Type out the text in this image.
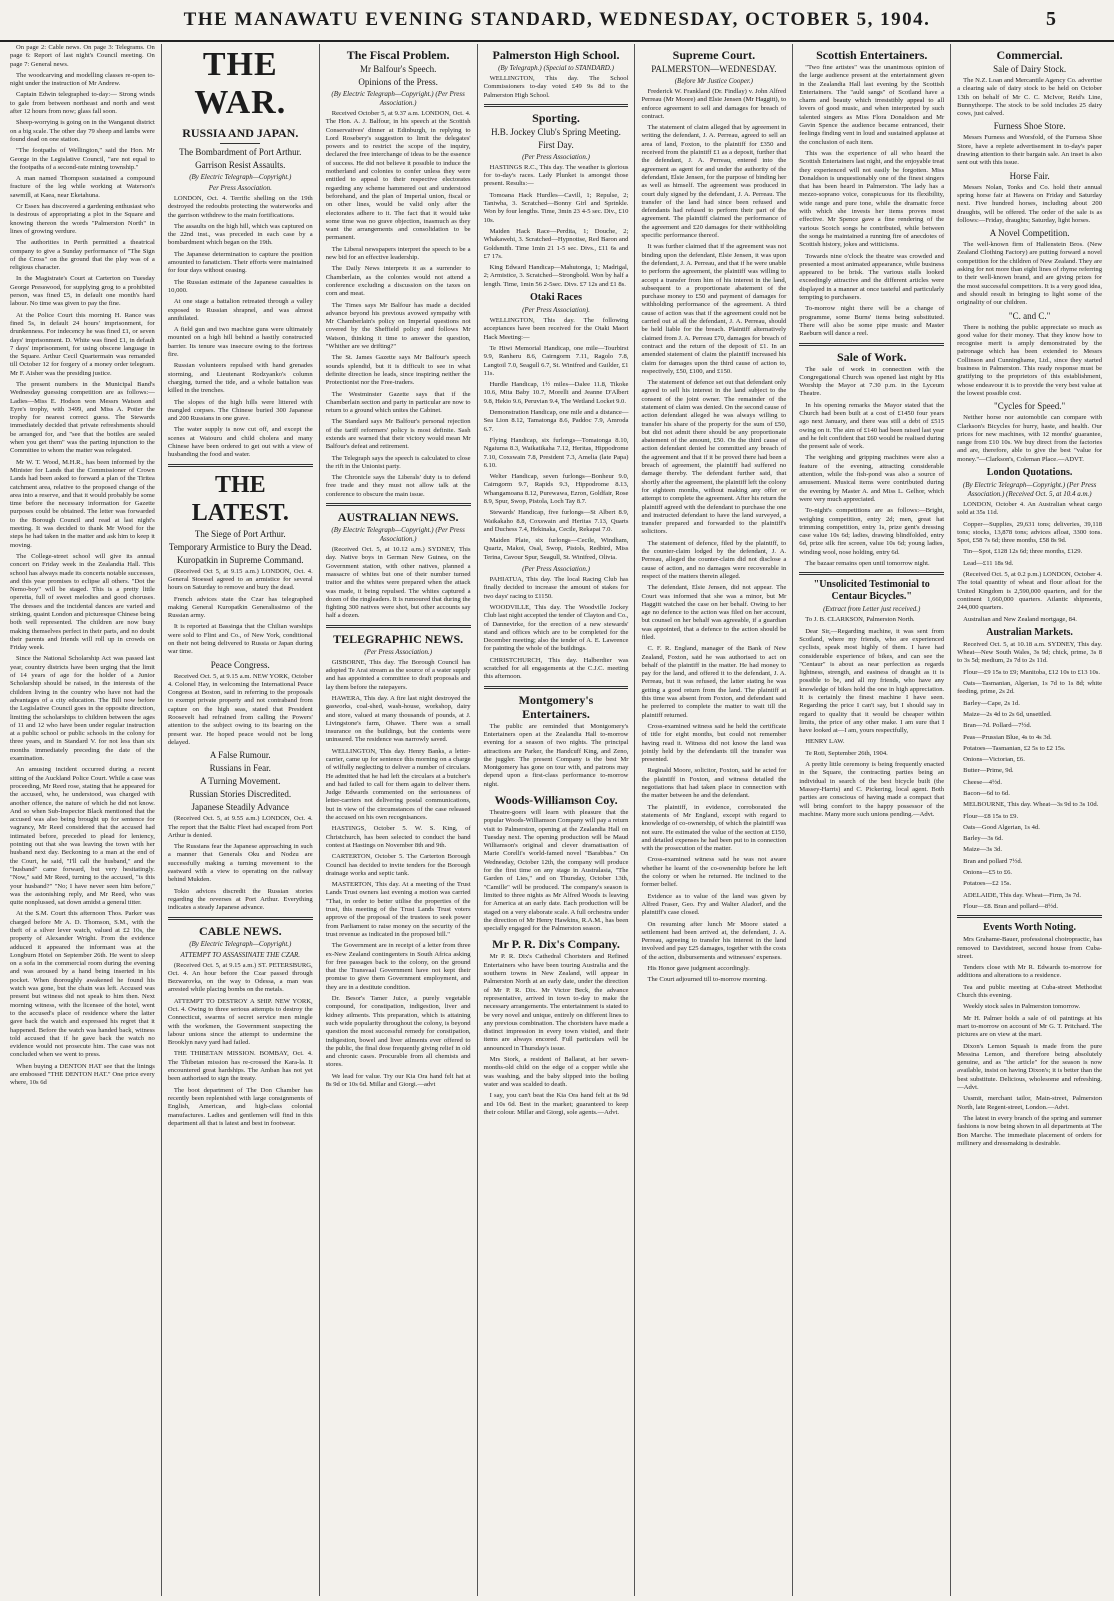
THE MANAWATU EVENING STANDARD, WEDNESDAY, OCTOBER 5, 1904.	5

On page 2: Cable news. On page 3: Telegrams. On page 6: Report of last night's Council meeting. On page 7: General news.

The woodcarving and modelling classes re-open to-night under the instruction of Mr Andrew.

Captain Edwin telegraphed to-day:— Strong winds to gale from between northeast and north and west after 12 hours from now; glass fall soon.

Sheep-worrying is going on in the Wanganui district on a big scale. The other day 79 sheep and lambs were found dead on one station.

"The footpaths of Wellington," said the Hon. Mr George in the Legislative Council, "are not equal to the footpaths of a second-rate mining township."

A man named Thompson sustained a compound fracture of the leg while working at Waterson's sawmill, at Kaea, near Eketahuna.

Cr Essex has discovered a gardening enthusiast who is desirous of appropriating a plot in the Square and knowing thereon the words "Palmerston North" in lines of growing verdure.

The authorities in Perth permitted a theatrical company to give a Sunday performance of "The Sign of the Cross" on the ground that the play was of a religious character.

In the Magistrate's Court at Carterton on Tuesday George Presswood, for supplying grog to a prohibited person, was fined £5, in default one month's hard labour. No time was given to pay the fine.

At the Police Court this morning H. Rance was fined 5s, in default 24 hours' imprisonment, for drunkenness. For indecency he was fined £1, or seven days' imprisonment. D. White was fined £1, in default 7 days' imprisonment, for using obscene language in the Square. Arthur Cecil Quartermain was remanded till October 12 for forgery of a money order telegram. Mr F. Aisher was the presiding justice.

The present numbers in the Municipal Band's Wednesday guessing competition are as follows:—Ladies—Miss E. Hodson won Messrs Watson and Eyre's trophy, with 3499, and Miss A. Potier the trophy for nearest correct guess. The Stewards immediately decided that private refreshments should be arranged for, and "see that the bottles are sealed when you get them" was the parting injunction to the Committee to whom the matter was relegated.

Mr W. T. Wood, M.H.R., has been informed by the Minister for Lands that the Commissioner of Crown Lands had been asked to forward a plan of the Tiritea catchment area, relative to the proposed change of the area into a reserve, and that it would probably be some time before the necessary information for Gazette purposes could be obtained. The letter was forwarded to the Borough Council and read at last night's meeting. It was decided to thank Mr Wood for the steps he had taken in the matter and ask him to keep it moving.

The College-street school will give its annual concert on Friday week in the Zealandia Hall. This school has always made its concerts notable successes, and this year promises to eclipse all others. "Dot the Nemo-boy" will be staged. This is a pretty little operetta, full of sweet melodies and good choruses. The dresses and the incidental dances are varied and striking, quaint London and picturesque Chinese being both well represented. The children are now busy making themselves perfect in their parts, and no doubt their parents and friends will roll up in crowds on Friday week.

Since the National Scholarship Act was passed last year, country districts have been urging that the limit of 14 years of age for the holder of a Junior Scholarship should be raised, in the interests of the children living in the country who have not had the advantages of a city education. The Bill now before the Legislative Council goes in the opposite direction, limiting the scholarships to children between the ages of 11 and 12 who have been under regular instruction at a public school or public schools in the colony for three years, and in Standard V. for not less than six months immediately preceding the date of the examination.

An amusing incident occurred during a recent sitting of the Auckland Police Court. While a case was proceeding, Mr Reed rose, stating that he appeared for the accused, who, he understood, was charged with another offence, the nature of which he did not know. And so when Sub-Inspector Black mentioned that the accused was also being brought up for sentence for vagrancy, Mr Reed considered that the accused had intimated before, preceded to plead for leniency, pointing out that she was leaving the town with her husband next day. Beckoning to a man at the end of the Court, he said, "I'll call the husband," and the "husband" came forward, but very hesitatingly. "Now," said Mr Reed, turning to the accused, "is this your husband?" "No; I have never seen him before," was the astonishing reply, and Mr Reed, who was quite nonplussed, sat down amidst a general titter.

At the S.M. Court this afternoon Thos. Parker was charged before Mr A. D. Thomson, S.M., with the theft of a silver lever watch, valued at £2 10s, the property of Alexander Wright. From the evidence adduced it appeared the informant was at the Longburn Hotel on September 26th. He went to sleep on a sofa in the commercial room during the evening and was aroused by a hand being inserted in his pocket. When thoroughly awakened he found his watch was gone, but the chain was left. Accused was present but witness did not speak to him then. Next morning witness, with the licensee of the hotel, went to the accused's place of residence where the latter gave back the watch and expressed his regret that it happened. Before the watch was handed back, witness told accused that if he gave back the watch no evidence would not prosecute him. The case was not concluded when we went to press.

When buying a DENTON HAT see that the linings are embossed "THE DENTON HAT." One price every where, 10s 6d

THE WAR.
RUSSIA AND JAPAN.
The Bombardment of Port Arthur.
Garrison Resist Assaults.
(By Electric Telegraph—Copyright.)
Per Press Association.

LONDON, Oct. 4. Terrific shelling on the 19th destroyed the redoubts protecting the waterworks and the garrison withdrew to the main fortifications.

The assaults on the high hill, which was captured on the 22nd inst., was preceded in each case by a bombardment which began on the 19th.

The Japanese determination to capture the position amounted to fanaticism. Their efforts were maintained for four days without ceasing.

The Russian estimate of the Japanese casualties is 10,000.

At one stage a battalion retreated through a valley exposed to Russian shrapnel, and was almost annihilated.

A field gun and two machine guns were ultimately mounted on a high hill behind a hastily constructed barrier. Its tenure was insecure owing to the fortress fire.

Russian volunteers repulsed with hand grenades storming, and Lieutenant Rodzyanko's column charging, turned the tide, and a whole battalion was killed in the trenches.

The slopes of the high hills were littered with mangled corpses. The Chinese buried 300 Japanese and 200 Russians in one grave.

The water supply is now cut off, and except the scenes at Waiouru and child cholera and many Chinese have been ordered to get out with a view of husbanding the food and water.

THE LATEST.
The Siege of Port Arthur.
Temporary Armistice to Bury the Dead.
Kuropatkin in Supreme Command.

(Received Oct 5, at 9.15 a.m.) LONDON, Oct. 4. General Stoessel agreed to an armistice for several hours on Saturday to remove and bury the dead.

French advices state the Czar has telegraphed making General Kuropatkin Generalissimo of the Russian army.

It is reported at Bassinga that the Chilian warships were sold to Flint and Co., of New York, conditional on their not being delivered to Russia or Japan during war time.

Peace Congress.

Received Oct. 5, at 9.15 a.m. NEW YORK, October 4. Colonel Hay, in welcoming the International Peace Congress at Boston, said in referring to the proposals to exempt private property and not contraband from capture on the high seas, stated that President Roosevelt had refrained from calling the Powers' attention to the subject owing to its bearing on the present war. He hoped peace would not be long delayed.

A False Rumour.
Russians in Fear.
A Turning Movement.
Russian Stories Discredited.
Japanese Steadily Advance

(Received Oct. 5, at 9.55 a.m.) LONDON, Oct. 4. The report that the Baltic Fleet had escaped from Port Arthur is denied.

The Russians fear the Japanese approaching in such a manner that Generals Oku and Nodzu are successfully making a turning movement to the eastward with a view to operating on the railway behind Mukden.

Tokio advices discredit the Russian stories regarding the reverses at Port Arthur. Everything indicates a steady Japanese advance.

CABLE NEWS.
(By Electric Telegraph—Copyright.)
ATTEMPT TO ASSASSINATE THE CZAR.

(Received Oct. 5, at 9.15 a.m.) ST. PETERSBURG, Oct. 4. An hour before the Czar passed through Bezwarovka, on the way to Odessa, a man was arrested while placing bombs on the metals.

ATTEMPT TO DESTROY A SHIP. NEW YORK, Oct. 4. Owing to three serious attempts to destroy the Connecticut, swarms of secret service men mingle with the workmen, the Government suspecting the labour unions since the attempt to undermine the Brooklyn navy yard had failed.

THE THIBETAN MISSION. BOMBAY, Oct. 4. The Thibetan mission has re-crossed the Kara-la. It encountered great hardships. The Amban has not yet been authorised to sign the treaty.

The boot department of The Don Chamber has recently been replenished with large consignments of English, American, and high-class colonial manufactures. Ladies and gentlemen will find in this department all that is latest and best in footwear.

The Fiscal Problem.
Mr Balfour's Speech.
Opinions of the Press.
(By Electric Telegraph—Copyright.) (Per Press Association.)

Received October 5, at 9.37 a.m. LONDON, Oct. 4. The Hon. A. J. Balfour, in his speech at the Scottish Conservatives' dinner at Edinburgh, in replying to Lord Rosebery's suggestion to limit the delegates' powers and to restrict the scope of the inquiry, declared the free interchange of ideas to be the essence of success. He did not believe it possible to induce the motherland and colonies to confer unless they were entitled to appeal to their respective electorates regarding any scheme hammered out and understood beforehand, and the plan of Imperial union, fiscal or on other lines, would be valid only after the electorates adhere to it. The fact that it would take some time was no grave objection, inasmuch as they want the arrangements and consolidation to be permanent.

The Liberal newspapers interpret the speech to be a new bid for an effective leadership.

The Daily News interprets it as a surrender to Chamberlain, as the colonies would not attend a conference excluding a discussion on the taxes on corn and meat.

The Times says Mr Balfour has made a decided advance beyond his previous avowed sympathy with Mr Chamberlain's policy on Imperial questions not covered by the Sheffield policy and follows Mr Watson, thinking it time to answer the question, "Whither are we drifting?"

The St. James Gazette says Mr Balfour's speech sounds splendid, but it is difficult to see in what definite direction he leads, since inspiring neither the Protectionist nor the Free-traders.

The Westminster Gazette says that if the Chamberlain section and party in particular are now to return to a ground which unites the Cabinet.

The Standard says Mr Balfour's personal rejection of the tariff reformers' policy is most definite. Sash extends are warned that their victory would mean Mr Balfour's defeat and retirement.

The Telegraph says the speech is calculated to close the rift in the Unionist party.

The Chronicle says the Liberals' duty is to defend free trade and they must not allow talk at the conference to obscure the main issue.

AUSTRALIAN NEWS.
(By Electric Telegraph—Copyright.) (Per Press Association.)

(Received Oct. 5, at 10.12 a.m.) SYDNEY, This day. Native boys in German New Guinea, on the Government station, with other natives, planned a massacre of whites but one of their number turned traitor and the whites were prepared when the attack was made, it being repulsed. The whites captured a dozen of the ringleaders. It is rumoured that during the fighting 300 natives were shot, but other accounts say half a dozen.

TELEGRAPHIC NEWS.
(Per Press Association.)

GISBORNE, This day. The Borough Council has adopted Te Arai stream as the source of a water supply and has appointed a committee to draft proposals and lay them before the ratepayers.

HAWERA, This day. A fire last night destroyed the gasworks, coal-shed, wash-house, workshop, dairy and store, valued at many thousands of pounds, at J. Livingstone's farm, Ohawe. There was a small insurance on the buildings, but the contents were uninsured. The residence was narrowly saved.

WELLINGTON, This day. Henry Banks, a letter-carrier, came up for sentence this morning on a charge of wilfully neglecting to deliver a number of circulars. He admitted that he had left the circulars at a butcher's and had failed to call for them again to deliver them. Judge Edwards commented on the seriousness of letter-carriers not delivering postal communications, but in view of the circumstances of the case released the accused on his own recognisances.

HASTINGS, October 5. W. S. King, of Christchurch, has been selected to conduct the band contest at Hastings on November 8th and 9th.

CARTERTON, October 5. The Carterton Borough Council has decided to invite tenders for the Borough drainage works and septic tank.

MASTERTON, This day. At a meeting of the Trust Lands Trust owners last evening a motion was carried "That, in order to better utilise the properties of the trust, this meeting of the Trust Lands Trust voters approve of the proposal of the trustees to seek power from Parliament to raise money on the security of the trust revenue as indicated in the proposed bill."

The Government are in receipt of a letter from three ex-New Zealand contingenters in South Africa asking for free passages back to the colony, on the ground that the Transvaal Government have not kept their promise to give them Government employment, and they are in a destitute condition.

Dr. Besor's Tamer Juice, a purely vegetable compound, for constipation, indigestion, liver and kidney ailments. This preparation, which is attaining such wide popularity throughout the colony, is beyond question the most successful remedy for constipation, indigestion, bowel and liver ailments ever offered to the public, the final dose frequently giving relief in old and chronic cases. Procurable from all chemists and stores.

We lead for value. Try our Kia Ora hand felt hat at 8s 9d or 10s 6d. Millar and Giorgi.—advt

Palmerston High School.
(By Telegraph.) (Special to STANDARD.)

WELLINGTON, This day. The School Commissioners to-day voted £49 9s 8d to the Palmerston High School.

Sporting.
H.B. Jockey Club's Spring Meeting.
First Day.
(Per Press Association.)

HASTINGS R.C., This day. The weather is glorious for to-day's races. Lady Plunket is amongst those present. Results:—

Tomoana Hack Hurdles—Cavill, 1; Repulse, 2; Taniwha, 3. Scratched—Bonny Girl and Sprinkle. Won by four lengths. Time, 3min 23 4-5 sec. Div., £10 10s.

Maiden Hack Race—Perdita, 1; Douche, 2; Whakawehi, 3. Scratched—Hypnotise, Red Baron and Goldsmith. Time 1min 21 1-5 sec. Divs., £11 6s and £7 17s.

King Edward Handicap—Mahutonga, 1; Madrigal, 2; Armistice, 3. Scratched—Strongbold. Won by half a length. Time, 1min 56 2-5sec. Divs. £7 12s and £1 8s.

Otaki Races
(Per Press Association).

WELLINGTON, This day. The following acceptances have been received for the Otaki Maori Hack Meeting:—

Te Hiwi Memorial Handicap, one mile—Tourbirst 9.9, Ranheru 8.6, Cairngorm 7.11, Ragolo 7.8, Langtoil 7.0, Seagull 6.7, St. Winifred and Guilder, £1 11s.

Hurdle Handicap, 1½ miles—Dalee 11.8, Tikoke 10.6, Mita Baby 10.7, Morelli and Jeanne D'Albert 9.8, Hekio 9.6, Peruvian 9.4, The Wetland Locket 9.0.

Demonstration Handicap, one mile and a distance—Sea Lion 8.12, Tamatonga 8.6, Paddoc 7.9, Amroda 6.7.

Flying Handicap, six furlongs—Tomatonga 8.10, Ngaiuma 8.3, Waikatikaha 7.12, Heritas, Hippodrome 7.10, Coxswain 7.8, President 7.3, Amelia (late Papa) 6.10.

Welter Handicap, seven furlongs—Bonheur 9.0, Cairngorm 9.7, Rapids 9.3, Hippodrome 8.13, Whangamoana 8.12, Purewawa, Ezron, Goldfair, Rose 8.9, Spur, Swop, Pistola, Loch Tay 8.7.

Stewards' Handicap, five furlongs—St Albert 8.9, Waikakaho 8.8, Coxswain and Heritas 7.13, Quarts and Duchess 7.4, Hekinaka, Cecile, Rekapai 7.0.

Maiden Plate, six furlongs—Cecile, Windham, Quartz, Makoi, Osal, Swop, Pistols, Redbird, Miss Terina, Cavour Spur, Seagull, St. Winifred, Olivia.

(Per Press Association.)

PAHIATUA, This day. The local Racing Club has finally decided to increase the amount of stakes for two days' racing to £1150.

WOODVILLE, This day. The Woodville Jockey Club last night accepted the tender of Clayton and Co., of Dannevirke, for the erection of a new stewards' stand and offices which are to be completed for the December meeting; also the tender of A. E. Lawrence for painting the whole of the buildings.

CHRISTCHURCH, This day. Halberdier was scratched for all engagements at the C.J.C. meeting this afternoon.

Montgomery's Entertainers.

The public are reminded that Montgomery's Entertainers open at the Zealandia Hall to-morrow evening for a season of two nights. The principal attractions are Parker, the Handcuff King, and Zeno, the juggler. The present Company is the best Mr Montgomery has gone on tour with, and patrons may depend upon a first-class performance to-morrow night.

Woods-Williamson Coy.

Theatre-goers will learn with pleasure that the popular Woods-Williamson Company will pay a return visit to Palmerston, opening at the Zealandia Hall on Tuesday next. The opening production will be Maud Williamson's original and clever dramatisation of Marie Corelli's world-famed novel "Barabbas." On Wednesday, October 12th, the company will produce for the first time on any stage in Australasia, "The Garden of Lies," and on Thursday, October 13th, "Camille" will be produced. The company's season is limited to three nights as Mr Alfred Woods is leaving for America at an early date. Each production will be staged on a very elaborate scale. A full orchestra under the direction of Mr Henry Hawkins, R.A.M., has been specially engaged for the Palmerston season.

Mr P. R. Dix's Company.

Mr P. R. Dix's Cathedral Choristers and Refined Entertainers who have been touring Australia and the southern towns in New Zealand, will appear in Palmerston North at an early date, under the direction of Mr P. R. Dix. Mr Victor Beck, the advance representative, arrived in town to-day to make the necessary arrangements. The entertainment is stated to be very novel and unique, entirely on different lines to any previous combination. The choristers have made a distinct impression in every town visited, and their items are always encored. Full particulars will be announced in Thursday's issue.

Mrs Stork, a resident of Ballarat, at her seven-months-old child on the edge of a copper while she was washing, and the baby slipped into the boiling water and was scalded to death.

I say, you can't beat the Kia Ora hand felt at 8s 9d and 10s 6d. Best in the market; guaranteed to keep their colour. Millar and Giorgi, sole agents.—Advt.

Supreme Court.
PALMERSTON—WEDNESDAY.
(Before Mr Justice Cooper.)

Frederick W. Frankland (Dr. Findlay) v. John Alfred Perreau (Mr Moore) and Elsie Jensen (Mr Haggitt), to enforce agreement to sell and damages for breach of contract.

The statement of claim alleged that by agreement in writing the defendant, J. A. Perreau, agreed to sell an area of land, Foxton, to the plaintiff for £350 and received from the plaintiff £1 as a deposit, further that the defendant, J. A. Perreau, entered into the agreement as agent for and under the authority of the defendant, Elsie Jensen, for the purpose of binding her as well as himself. The agreement was produced in court duly signed by the defendant, J. A. Perreau. The transfer of the land had since been refused and defendants had refused to perform their part of the agreement. The plaintiff claimed the performance of the agreement and £20 damages for their withholding specific performance thereof.

It was further claimed that if the agreement was not binding upon the defendant, Elsie Jensen, it was upon the defendant, J. A. Perreau, and that if he were unable to perform the agreement, the plaintiff was willing to accept a transfer from him of his interest in the land, subsequent to a proportionate abatement of the purchase money to £50 and payment of damages for withholding performance of the agreement. A third cause of action was that if the agreement could not be carried out at all the defendant, J. A. Perreau, should be held liable for the breach. Plaintiff alternatively claimed from J. A. Perreau £70, damages for breach of contract and the return of the deposit of £1. In an amended statement of claim the plaintiff increased his claim for damages upon the third cause of action to, respectively, £50, £100, and £150.

The statement of defence set out that defendant only agreed to sell his interest in the land subject to the consent of the joint owner. The remainder of the statement of claim was denied. On the second cause of action defendant alleged he was always willing to transfer his share of the property for the sum of £50, but did not admit there should be any proportionate abatement of the amount, £50. On the third cause of action defendant denied he committed any breach of the agreement and that if it be proved there had been a breach of agreement, the plaintiff had suffered no damage thereby. The defendant further said, that shortly after the agreement, the plaintiff left the colony for eighteen months, without making any offer or attempt to complete the agreement. After his return the plaintiff agreed with the defendant to purchase the one and instructed defendant to have the land surveyed, a transfer prepared and forwarded to the plaintiff's solicitors.

The statement of defence, filed by the plaintiff, to the counter-claim lodged by the defendant, J. A. Perreau, alleged the counter-claim did not disclose a cause of action, and no damages were recoverable in respect of the matters therein alleged.

The defendant, Elsie Jensen, did not appear. The Court was informed that she was a minor, but Mr Haggitt watched the case on her behalf. Owing to her age no defence to the action was filed on her account, but counsel on her behalf was agreeable, if a guardian was appointed, that a defence to the action should be filed.

C. F. R. England, manager of the Bank of New Zealand, Foxton, said he was authorised to act on behalf of the plaintiff in the matter. He had money to pay for the land, and offered it to the defendant, J. A. Perreau, but it was refused, the latter stating he was getting a good return from the land. The plaintiff at this time was absent from Foxton, and defendant said he preferred to complete the matter to wait till the plaintiff returned.

Cross-examined witness said he held the certificate of title for eight months, but could not remember having read it. Witness did not know the land was jointly held by the defendants till the transfer was presented.

Reginald Moore, solicitor, Foxton, said he acted for the plaintiff in Foxton, and witness detailed the negotiations that had taken place in connection with the matter between he and the defendant.

The plaintiff, in evidence, corroborated the statements of Mr England, except with regard to knowledge of co-ownership, of which the plaintiff was not sure. He estimated the value of the section at £150, and detailed expenses he had been put to in connection with the prosecution of the matter.

Cross-examined witness said he was not aware whether he learnt of the co-ownership before he left the colony or when he returned. He inclined to the former belief.

Evidence as to value of the land was given by Alfred Fraser, Geo. Fry and Walter Aladorf, and the plaintiff's case closed.

On resuming after lunch Mr Moore stated a settlement had been arrived at, the defendant, J. A. Perreau, agreeing to transfer his interest in the land involved and pay £25 damages, together with the costs of the action, disbursements and witnesses' expenses.

His Honor gave judgment accordingly.

The Court adjourned till to-morrow morning.

Scottish Entertainers.

"Two fine artistes" was the unanimous opinion of the large audience present at the entertainment given in the Zealandia Hall last evening by the Scottish Entertainers. The "auld sangs" of Scotland have a charm and beauty which irresistibly appeal to all lovers of good music, and when interpreted by such talented singers as Miss Flora Donaldson and Mr Gavin Spence the audience became entranced, their feelings finding vent in loud and sustained applause at the conclusion of each item.

This was the experience of all who heard the Scottish Entertainers last night, and the enjoyable treat they experienced will not easily be forgotten. Miss Donaldson is unquestionably one of the finest singers that has been heard in Palmerston. The lady has a mezzo-soprano voice, conspicuous for its flexibility, wide range and pure tone, while the dramatic force with which she invests her items proves most effective. Mr Spence gave a fine rendering of the various Scotch songs he contributed, while between the songs he maintained a running fire of anecdotes of Scottish history, jokes and witticisms.

Towards nine o'clock the theatre was crowded and presented a most animated appearance, while business appeared to be brisk. The various stalls looked exceedingly attractive and the different articles were displayed in a manner at once tasteful and particularly tempting to purchasers.

To-morrow night there will be a change of programme, some Burns' items being substituted. There will also be some pipe music and Master Raeburn will dance a reel.

Sale of Work.

The sale of work in connection with the Congregational Church was opened last night by His Worship the Mayor at 7.30 p.m. in the Lyceum Theatre.

In his opening remarks the Mayor stated that the Church had been built at a cost of £1450 four years ago next January, and there was still a debt of £515 owing on it. The aim of £140 had been raised last year and he felt confident that £60 would be realised during the present sale of work.

The weighing and gripping machines were also a feature of the evening, attracting considerable attention, while the fish-pond was also a source of amusement. Musical items were contributed during the evening by Master A. and Miss L. Gelhor, which were very much appreciated.

To-night's competitions are as follows:—Bright, weighing competition, entry 2d; men, great hat trimming competition, entry 1s, prize gent's dressing case value 10s 6d; ladies, drawing blindfolded, entry 6d, prize silk fire screen, value 10s 6d; young ladies, winding wool, nose holding, entry 6d.

The bazaar remains open until tomorrow night.

"Unsolicited Testimonial to Centaur Bicycles."
(Extract from Letter just received.)

To J. B. CLARKSON, Palmerston North.

Dear Sir,—Regarding machine, it was sent from Scotland, where my friends, who are experienced cyclists, speak most highly of them. I have had considerable experience of bikes, and can see the "Centaur" is about as near perfection as regards lightness, strength, and easiness of draught as it is possible to be, and all my friends, who have any knowledge of bikes hold the one in high appreciation. It is certainly the finest machine I have seen. Regarding the price I can't say, but I should say in regard to quality that it would be cheaper within limits, the price of any other make. I am sure that I have looked at—I am, yours respectfully,

HENRY LAW.

Te Roti, September 26th, 1904.

A pretty little ceremony is being frequently enacted in the Square, the contracting parties being an individual in search of the best bicycle built (the Massey-Harris) and C. Pickering, local agent. Both parties are conscious of having made a compact that will bring comfort to the happy possessor of the machine. Many more such unions pending.—Advt.

Commercial.
Sale of Dairy Stock.

The N.Z. Loan and Mercantile Agency Co. advertise a clearing sale of dairy stock to be held on October 13th on behalf of Mr C. C. McIvor, Reid's Line, Bunnythorpe. The stock to be sold includes 25 dairy cows, just calved.

Furness Shoe Store.

Messrs Furness and Worsfold, of the Furness Shoe Store, have a replete advertisement in to-day's paper drawing attention to their bargain sale. An inset is also sent out with this issue.

Horse Fair.

Messrs Nolan, Tonks and Co. hold their annual spring horse fair at Hawera on Friday and Saturday next. Five hundred horses, including about 200 draughts, will be offered. The order of the sale is as follows:—Friday, draughts; Saturday, light horses.

A Novel Competition.

The well-known firm of Hallenstein Bros. (New Zealand Clothing Factory) are putting forward a novel competition for the children of New Zealand. They are asking for not more than eight lines of rhyme referring to their well-known brand, and are giving prizes for the most successful competitors. It is a very good idea, and should result in bringing to light some of the originality of our children.

"C. and C."

There is nothing the public appreciate so much as good value for their money. That they know how to recognise merit is amply demonstrated by the patronage which has been extended to Messrs Collinson and Cunninghame, Ltd., since they started business in Palmerston. This ready response must be gratifying to the proprietors of this establishment, whose endeavour it is to provide the very best value at the lowest possible cost.

"Cycles for Speed."

Neither horse nor automobile can compare with Clarkson's Bicycles for hurry, haste, and health. Our prices for new machines, with 12 months' guarantee, range from £10 10s. We buy direct from the factories and are, therefore, able to give the best "value for money."—Clarkson's, Coleman Place.—ADVT.

London Quotations.
(By Electric Telegraph—Copyright.) (Per Press Association.) (Received Oct. 5, at 10.4 a.m.)

LONDON, October 4. An Australian wheat cargo sold at 35s 11d.

Copper—Supplies, 29,631 tons; deliveries, 39,118 tons; stocks, 13,878 tons; advices afloat, 3300 tons. Spot, £58 7s 6d; three months, £58 8s 9d.

Tin—Spot, £128 12s 6d; three months, £129.

Lead—£11 18s 9d.

(Received Oct. 5, at 0.2 p.m.) LONDON, October 4. The total quantity of wheat and flour afloat for the United Kingdom is 2,590,000 quarters, and for the continent 1,660,000 quarters. Atlantic shipments, 244,000 quarters.

Australian and New Zealand mortgage, 84.

Australian Markets.

Received Oct. 5, at 10.18 a.m. SYDNEY, This day. Wheat—New South Wales, 3s 9d; chick, prime, 3s 8 to 3s 5d; medium, 2s 7d to 2s 11d.

Flour—£9 15s to £9; Manitoba, £12 10s to £13 10s.

Oats—Tasmanian, Algerian, 1s 7d to 1s 8d; white feeding, prime, 2s 2d.

Barley—Cape, 2s 1d.

Maize—2s 4d to 2s 6d, unsettled.

Bran—7d. Pollard—7½d.

Peas—Prussian Blue, 4s to 4s 3d.

Potatoes—Tasmanian, £2 5s to £2 15s.

Onions—Victorian, £6.

Butter—Prime, 9d.

Cheese—4½d.

Bacon—6d to 6d.

MELBOURNE, This day. Wheat—3s 9d to 3s 10d.

Flour—£8 15s to £9.

Oats—Good Algerian, 1s 4d.

Barley—3s 6d.

Maize—3s 3d.

Bran and pollard 7½d.

Onions—£5 to £6.

Potatoes—£2 15s.

ADELAIDE, This day. Wheat—Firm, 3s 7d.

Flour—£8. Bran and pollard—8½d.

Events Worth Noting.

Mrs Grahame-Bauer, professional choiropractic, has removed to Davidstreet, second house from Cuba-street.

Tenders close with Mr R. Edwards to-morrow for additions and alterations to a residence.

Tea and public meeting at Cuba-street Methodist Church this evening.

Weekly stock sales in Palmerston tomorrow.

Mr H. Palmer holds a sale of oil paintings at his mart to-morrow on account of Mr G. T. Pritchard. The pictures are on view at the mart.

Dixon's Lemon Squash is made from the pure Messina Lemon, and therefore being absolutely genuine, and as "the article" for the season is now available, insist on having Dixon's; it is better than the best substitute. Delicious, wholesome and refreshing.—Advt.

Ussmit, merchant tailor, Main-street, Palmerston North, late Regent-street, London.—Advt.

The latest in every branch of the spring and summer fashions is now being shown in all departments at The Bon Marche. The immediate placement of orders for millinery and dressmaking is desirable.
